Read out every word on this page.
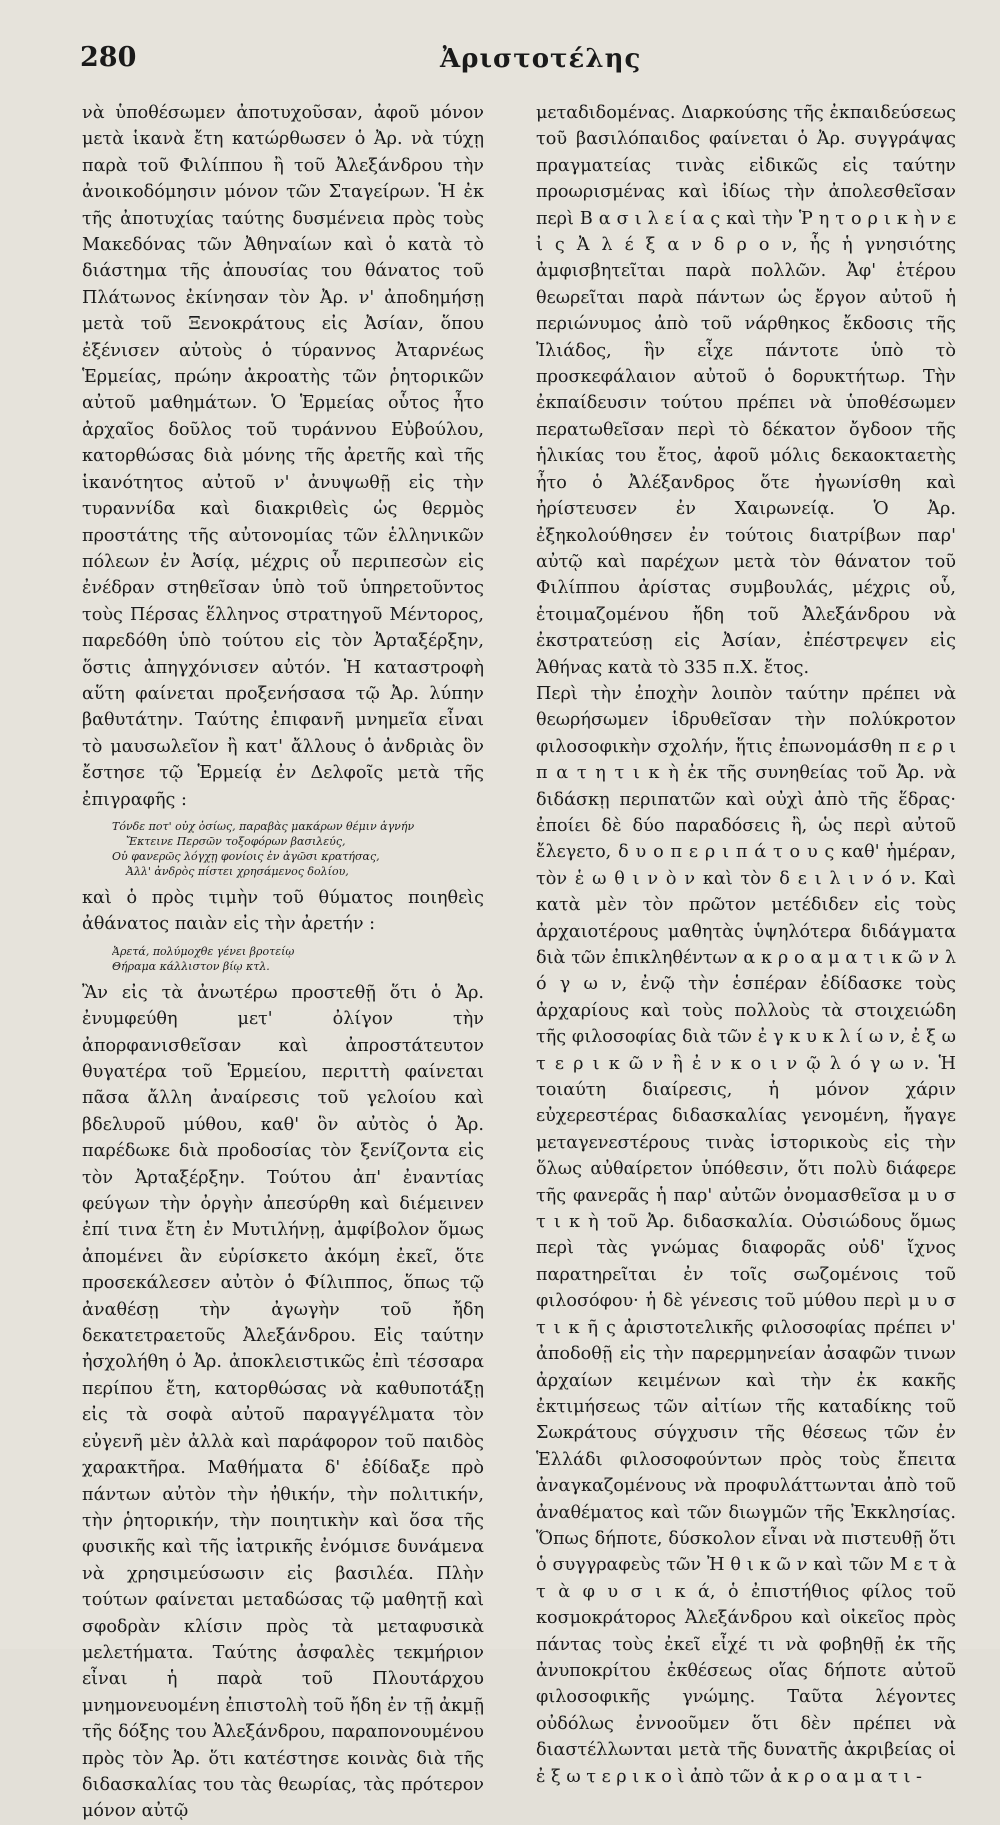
280	Ἀριστοτέλης

νὰ ὑποθέσωμεν ἀποτυχοῦσαν, ἀφοῦ μόνον μετὰ ἱκανὰ ἔτη κατώρθωσεν ὁ Ἀρ. νὰ τύχῃ παρὰ τοῦ Φιλίππου ἢ τοῦ Ἀλεξάνδρου τὴν ἀνοικοδόμησιν μόνον τῶν Σταγείρων. Ἡ ἐκ τῆς ἀποτυχίας ταύτης δυσμένεια πρὸς τοὺς Μακεδόνας τῶν Ἀθηναίων καὶ ὁ κατὰ τὸ διάστημα τῆς ἀπουσίας του θάνατος τοῦ Πλάτωνος ἐκίνησαν τὸν Ἀρ. ν' ἀποδημήσῃ μετὰ τοῦ Ξενοκράτους εἰς Ἀσίαν, ὅπου ἐξένισεν αὐτοὺς ὁ τύραννος Ἀταρνέως Ἑρμείας, πρώην ἀκροατὴς τῶν ῥητορικῶν αὐτοῦ μαθημάτων. Ὁ Ἑρμείας οὗτος ἦτο ἀρχαῖος δοῦλος τοῦ τυράννου Εὐβούλου, κατορθώσας διὰ μόνης τῆς ἀρετῆς καὶ τῆς ἱκανότητος αὐτοῦ ν' ἀνυψωθῇ εἰς τὴν τυραννίδα καὶ διακριθεὶς ὡς θερμὸς προστάτης τῆς αὐτονομίας τῶν ἑλληνικῶν πόλεων ἐν Ἀσίᾳ, μέχρις οὗ περιπεσὼν εἰς ἐνέδραν στηθεῖσαν ὑπὸ τοῦ ὑπηρετοῦντος τοὺς Πέρσας ἕλληνος στρατηγοῦ Μέντορος, παρεδόθη ὑπὸ τούτου εἰς τὸν Ἀρταξέρξην, ὅστις ἀπηγχόνισεν αὐτόν. Ἡ καταστροφὴ αὕτη φαίνεται προξενήσασα τῷ Ἀρ. λύπην βαθυτάτην. Ταύτης ἐπιφανῆ μνημεῖα εἶναι τὸ μαυσωλεῖον ἢ κατ' ἄλλους ὁ ἀνδριὰς ὃν ἔστησε τῷ Ἑρμείᾳ ἐν Δελφοῖς μετὰ τῆς ἐπιγραφῆς :

Τόνδε ποτ' οὐχ ὁσίως, παραβὰς μακάρων θέμιν ἁγνήν
Ἔκτεινε Περσῶν τοξοφόρων βασιλεύς,
Οὐ φανερῶς λόγχῃ φονίοις ἐν ἀγῶσι κρατήσας,
Ἀλλ' ἀνδρὸς πίστει χρησάμενος δολίου,

καὶ ὁ πρὸς τιμὴν τοῦ θύματος ποιηθεὶς ἀθάνατος παιὰν εἰς τὴν ἀρετήν :

Ἀρετά, πολύμοχθε γένει βροτείῳ
Θήραμα κάλλιστον βίῳ κτλ.

Ἂν εἰς τὰ ἀνωτέρω προστεθῇ ὅτι ὁ Ἀρ. ἐνυμφεύθη μετ' ὀλίγον τὴν ἀπορφανισθεῖσαν καὶ ἀπροστάτευτον θυγατέρα τοῦ Ἑρμείου, περιττὴ φαίνεται πᾶσα ἄλλη ἀναίρεσις τοῦ γελοίου καὶ βδελυροῦ μύθου, καθ' ὃν αὐτὸς ὁ Ἀρ. παρέδωκε διὰ προδοσίας τὸν ξενίζοντα εἰς τὸν Ἀρταξέρξην. Τούτου ἀπ' ἐναντίας φεύγων τὴν ὀργὴν ἀπεσύρθη καὶ διέμεινεν ἐπί τινα ἔτη ἐν Μυτιλήνῃ, ἀμφίβολον ὅμως ἀπομένει ἂν εὑρίσκετο ἀκόμη ἐκεῖ, ὅτε προσεκάλεσεν αὐτὸν ὁ Φίλιππος, ὅπως τῷ ἀναθέσῃ τὴν ἀγωγὴν τοῦ ἤδη δεκατετραετοῦς Ἀλεξάνδρου. Εἰς ταύτην ἠσχολήθη ὁ Ἀρ. ἀποκλειστικῶς ἐπὶ τέσσαρα περίπου ἔτη, κατορθώσας νὰ καθυποτάξῃ εἰς τὰ σοφὰ αὐτοῦ παραγγέλματα τὸν εὐγενῆ μὲν ἀλλὰ καὶ παράφορον τοῦ παιδὸς χαρακτῆρα. Μαθήματα δ' ἐδίδαξε πρὸ πάντων αὐτὸν τὴν ἠθικήν, τὴν πολιτικήν, τὴν ῥητορικήν, τὴν ποιητικὴν καὶ ὅσα τῆς φυσικῆς καὶ τῆς ἰατρικῆς ἐνόμισε δυνάμενα νὰ χρησιμεύσωσιν εἰς βασιλέα. Πλὴν τούτων φαίνεται μεταδώσας τῷ μαθητῇ καὶ σφοδρὰν κλίσιν πρὸς τὰ μεταφυσικὰ μελετήματα. Ταύτης ἀσφαλὲς τεκμήριον εἶναι ἡ παρὰ τοῦ Πλουτάρχου μνημονευομένη ἐπιστολὴ τοῦ ἤδη ἐν τῇ ἀκμῇ τῆς δόξης του Ἀλεξάνδρου, παραπονουμένου πρὸς τὸν Ἀρ. ὅτι κατέστησε κοινὰς διὰ τῆς διδασκαλίας του τὰς θεωρίας, τὰς πρότερον μόνον αὐτῷ

μεταδιδομένας. Διαρκούσης τῆς ἐκπαιδεύσεως τοῦ βασιλόπαιδος φαίνεται ὁ Ἀρ. συγγράψας πραγματείας τινὰς εἰδικῶς εἰς ταύτην προωρισμένας καὶ ἰδίως τὴν ἀπολεσθεῖσαν περὶ Β α σ ι λ ε ί α ς καὶ τὴν Ῥ η τ ο ρ ι κ ὴ ν ε ἰ ς Ἀ λ έ ξ α ν δ ρ ο ν, ἧς ἡ γνησιότης ἀμφισβητεῖται παρὰ πολλῶν. Ἀφ' ἑτέρου θεωρεῖται παρὰ πάντων ὡς ἔργον αὐτοῦ ἡ περιώνυμος ἀπὸ τοῦ νάρθηκος ἔκδοσις τῆς Ἰλιάδος, ἣν εἶχε πάντοτε ὑπὸ τὸ προσκεφάλαιον αὐτοῦ ὁ δορυκτήτωρ. Τὴν ἐκπαίδευσιν τούτου πρέπει νὰ ὑποθέσωμεν περατωθεῖσαν περὶ τὸ δέκατον ὄγδοον τῆς ἡλικίας του ἔτος, ἀφοῦ μόλις δεκαοκταετὴς ἦτο ὁ Ἀλέξανδρος ὅτε ἠγωνίσθη καὶ ἠρίστευσεν ἐν Χαιρωνείᾳ. Ὁ Ἀρ. ἐξηκολούθησεν ἐν τούτοις διατρίβων παρ' αὐτῷ καὶ παρέχων μετὰ τὸν θάνατον τοῦ Φιλίππου ἀρίστας συμβουλάς, μέχρις οὗ, ἑτοιμαζομένου ἤδη τοῦ Ἀλεξάνδρου νὰ ἐκστρατεύσῃ εἰς Ἀσίαν, ἐπέστρεψεν εἰς Ἀθήνας κατὰ τὸ 335 π.Χ. ἔτος.

Περὶ τὴν ἐποχὴν λοιπὸν ταύτην πρέπει νὰ θεωρήσωμεν ἱδρυθεῖσαν τὴν πολύκροτον φιλοσοφικὴν σχολήν, ἥτις ἐπωνομάσθη π ε ρ ι π α τ η τ ι κ ὴ ἐκ τῆς συνηθείας τοῦ Ἀρ. νὰ διδάσκῃ περιπατῶν καὶ οὐχὶ ἀπὸ τῆς ἕδρας· ἐποίει δὲ δύο παραδόσεις ἢ, ὡς περὶ αὐτοῦ ἔλεγετο, δ υ ο π ε ρ ι π ά τ ο υ ς καθ' ἡμέραν, τὸν ἑ ω θ ι ν ὸ ν καὶ τὸν δ ε ι λ ι ν ό ν. Καὶ κατὰ μὲν τὸν πρῶτον μετέδιδεν εἰς τοὺς ἀρχαιοτέρους μαθητὰς ὑψηλότερα διδάγματα διὰ τῶν ἐπικληθέντων α κ ρ ο α μ α τ ι κ ῶ ν λ ό γ ω ν, ἐνῷ τὴν ἑσπέραν ἐδίδασκε τοὺς ἀρχαρίους καὶ τοὺς πολλοὺς τὰ στοιχειώδη τῆς φιλοσοφίας διὰ τῶν ἐ γ κ υ κ λ ί ω ν, ἐ ξ ω τ ε ρ ι κ ῶ ν ἢ ἐ ν κ ο ι ν ῷ λ ό γ ω ν. Ἡ τοιαύτη διαίρεσις, ἡ μόνον χάριν εὐχερεστέρας διδασκαλίας γενομένη, ἤγαγε μεταγενεστέρους τινὰς ἱστορικοὺς εἰς τὴν ὅλως αὐθαίρετον ὑπόθεσιν, ὅτι πολὺ διάφερε τῆς φανερᾶς ἡ παρ' αὐτῶν ὀνομασθεῖσα μ υ σ τ ι κ ὴ τοῦ Ἀρ. διδασκαλία. Οὐσιώδους ὅμως περὶ τὰς γνώμας διαφορᾶς οὐδ' ἴχνος παρατηρεῖται ἐν τοῖς σωζομένοις τοῦ φιλοσόφου· ἡ δὲ γένεσις τοῦ μύθου περὶ μ υ σ τ ι κ ῆ ς ἀριστοτελικῆς φιλοσοφίας πρέπει ν' ἀποδοθῇ εἰς τὴν παρερμηνείαν ἀσαφῶν τινων ἀρχαίων κειμένων καὶ τὴν ἐκ κακῆς ἐκτιμήσεως τῶν αἰτίων τῆς καταδίκης τοῦ Σωκράτους σύγχυσιν τῆς θέσεως τῶν ἐν Ἑλλάδι φιλοσοφούντων πρὸς τοὺς ἔπειτα ἀναγκαζομένους νὰ προφυλάττωνται ἀπὸ τοῦ ἀναθέματος καὶ τῶν διωγμῶν τῆς Ἐκκλησίας. Ὅπως δήποτε, δύσκολον εἶναι νὰ πιστευθῇ ὅτι ὁ συγγραφεὺς τῶν Ἠ θ ι κ ῶ ν καὶ τῶν Μ ε τ ὰ τ ὰ φ υ σ ι κ ά, ὁ ἐπιστήθιος φίλος τοῦ κοσμοκράτορος Ἀλεξάνδρου καὶ οἰκεῖος πρὸς πάντας τοὺς ἐκεῖ εἶχέ τι νὰ φοβηθῇ ἐκ τῆς ἀνυποκρίτου ἐκθέσεως οἵας δήποτε αὐτοῦ φιλοσοφικῆς γνώμης. Ταῦτα λέγοντες οὐδόλως ἐννοοῦμεν ὅτι δὲν πρέπει νὰ διαστέλλωνται μετὰ τῆς δυνατῆς ἀκριβείας οἱ ἐ ξ ω τ ε ρ ι κ ο ὶ ἀπὸ τῶν ἀ κ ρ ο α μ α τ ι -
